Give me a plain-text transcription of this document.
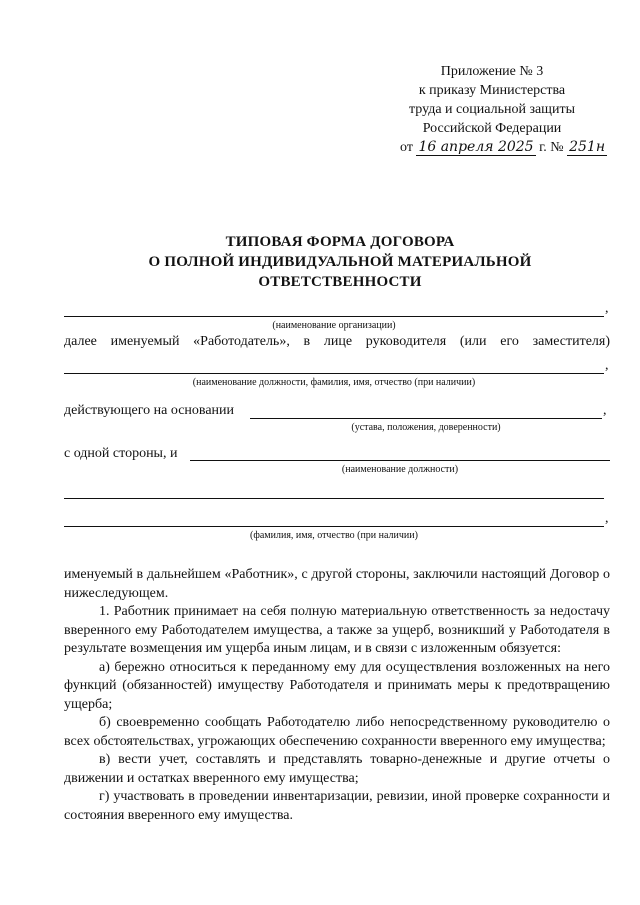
Приложение № 3
к приказу Министерства
труда и социальной защиты
Российской Федерации
от 16 апреля 2025 г. № 251н
ТИПОВАЯ ФОРМА ДОГОВОРА
О ПОЛНОЙ ИНДИВИДУАЛЬНОЙ МАТЕРИАЛЬНОЙ
ОТВЕТСТВЕННОСТИ
,
(наименование организации)
далее именуемый «Работодатель», в лице руководителя (или его заместителя)
,
(наименование должности, фамилия, имя, отчество (при наличии)
действующего на основании	,
(устава, положения, доверенности)
с одной стороны, и
(наименование должности)
,
(фамилия, имя, отчество (при наличии)

именуемый в дальнейшем «Работник», с другой стороны, заключили настоящий Договор о нижеследующем.

1. Работник принимает на себя полную материальную ответственность за недостачу вверенного ему Работодателем имущества, а также за ущерб, возникший у Работодателя в результате возмещения им ущерба иным лицам, и в связи с изложенным обязуется:

а) бережно относиться к переданному ему для осуществления возложенных на него функций (обязанностей) имуществу Работодателя и принимать меры к предотвращению ущерба;

б) своевременно сообщать Работодателю либо непосредственному руководителю о всех обстоятельствах, угрожающих обеспечению сохранности вверенного ему имущества;

в) вести учет, составлять и представлять товарно-денежные и другие отчеты о движении и остатках вверенного ему имущества;

г) участвовать в проведении инвентаризации, ревизии, иной проверке сохранности и состояния вверенного ему имущества.
